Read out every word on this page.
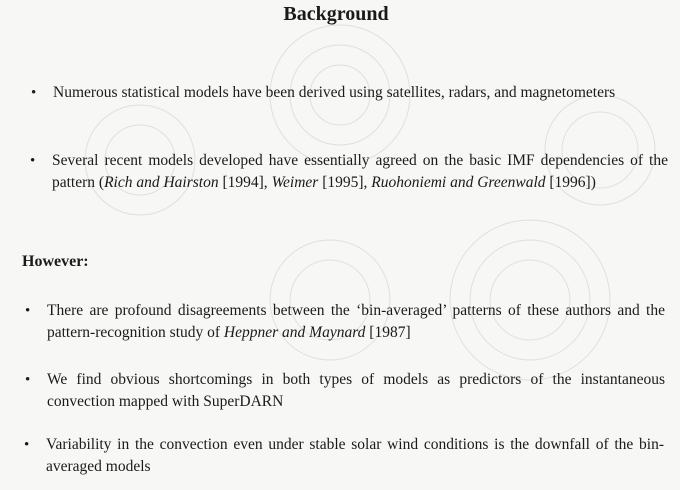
Background
• Numerous statistical models have been derived using satellites, radars, and magnetometers
• Several recent models developed have essentially agreed on the basic IMF dependencies of the pattern (Rich and Hairston [1994], Weimer [1995], Ruohoniemi and Greenwald [1996])
However:
• There are profound disagreements between the ‘bin-averaged’ patterns of these authors and the pattern-recognition study of Heppner and Maynard [1987]
• We find obvious shortcomings in both types of models as predictors of the instantaneous convection mapped with SuperDARN
• Variability in the convection even under stable solar wind conditions is the downfall of the bin-averaged models
